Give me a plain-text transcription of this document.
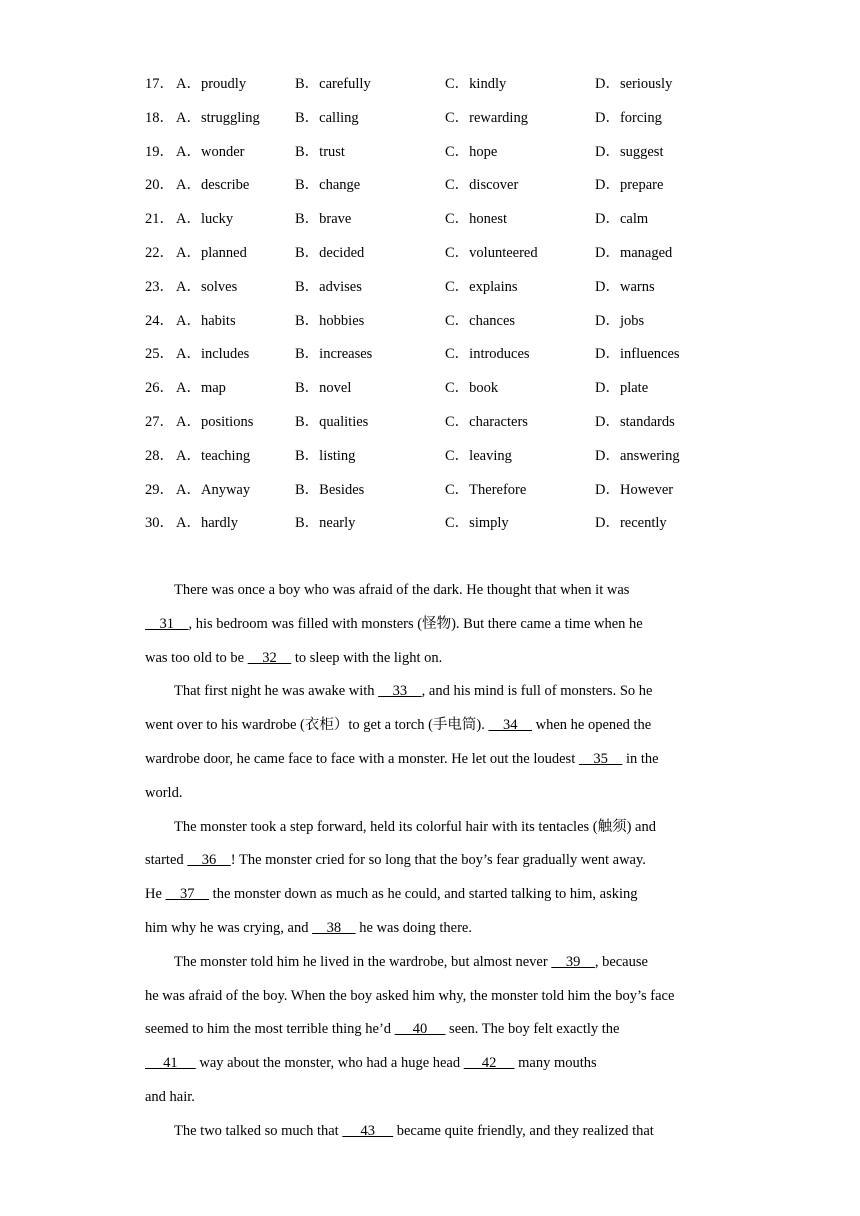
17． A．proudly	B．carefully	C．kindly	D．seriously
18． A．struggling B．calling	C．rewarding	D．forcing
19． A．wonder	B．trust	C．hope	D．suggest
20． A．describe	B．change	C．discover	D．prepare
21． A．lucky	B．brave	C．honest	D．calm
22． A．planned	B．decided	C．volunteered	D．managed
23． A．solves	B．advises	C．explains	D．warns
24． A．habits	B．hobbies	C．chances	D．jobs
25． A．includes	B．increases	C．introduces	D．influences
26． A．map	B．novel	C．book	D．plate
27． A．positions	B．qualities	C．characters	D．standards
28． A．teaching	B．listing	C．leaving	D．answering
29． A．Anyway	B．Besides	C．Therefore	D．However
30． A．hardly	B．nearly	C．simply	D．recently
There was once a boy who was afraid of the dark. He thought that when it was
31    , his bedroom was filled with monsters (怪物). But there came a time when he
was too old to be     32     to sleep with the light on.
That first night he was awake with     33    , and his mind is full of monsters. So he
went over to his wardrobe (衣柜）to get a torch (手电筒).     34     when he opened the
wardrobe door, he came face to face with a monster. He let out the loudest     35     in the
world.
The monster took a step forward, held its colorful hair with its tentacles (触须) and
started     36    ! The monster cried for so long that the boy’s fear gradually went away.
He     37     the monster down as much as he could, and started talking to him, asking
him why he was crying, and     38     he was doing there.
The monster told him he lived in the wardrobe, but almost never     39    , because
he was afraid of the boy. When the boy asked him why, the monster told him the boy’s face
seemed to him the most terrible thing he’d      40      seen. The boy felt exactly the
41      way about the monster, who had a huge head      42      many mouths
and hair.
The two talked so much that      43      became quite friendly, and they realized that
